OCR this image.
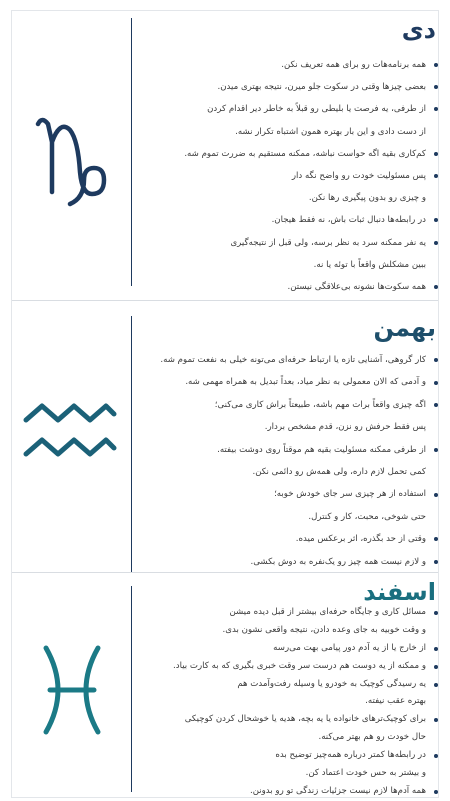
دی
همه برنامه‌هات رو برای همه تعریف نکن.
بعضی چیزها وقتی در سکوت جلو میرن، نتیجه بهتری میدن.
از طرفی، یه فرصت یا بلیطی رو قبلاً به خاطر دیر اقدام کردن
از دست دادی و این بار بهتره همون اشتباه تکرار نشه.
کم‌کاری بقیه اگه حواست نباشه، ممکنه مستقیم به ضررت تموم شه.
پس مسئولیت خودت رو واضح نگه دار
و چیزی رو بدون پیگیری رها نکن.
در رابطه‌ها دنبال ثبات باش، نه فقط هیجان.
یه نفر ممکنه سرد به نظر برسه، ولی قبل از نتیجه‌گیری
ببین مشکلش واقعاً با توئه یا نه.
همه سکوت‌ها نشونه بی‌علاقگی نیستن.
بهمن
کار گروهی، آشنایی تازه یا ارتباط حرفه‌ای می‌تونه خیلی به نفعت تموم شه.
و آدمی که الان معمولی به نظر میاد، بعداً تبدیل به همراه مهمی شه.
اگه چیزی واقعاً برات مهم باشه، طبیعتاً براش کاری می‌کنی؛
پس فقط حرفش رو نزن، قدم مشخص بردار.
از طرفی ممکنه مسئولیت بقیه هم موقتاً روی دوشت بیفته.
کمی تحمل لازم داره، ولی همه‌ش رو دائمی نکن.
استفاده از هر چیزی سر جای خودش خوبه؛
حتی شوخی، محبت، کار و کنترل.
وقتی از حد بگذره، اثر برعکس میده.
و لازم نیست همه چیز رو یک‌نفره به دوش بکشی.
اسفند
مسائل کاری و جایگاه حرفه‌ای بیشتر از قبل دیده میشن
و وقت خوبیه به جای وعده دادن، نتیجه واقعی نشون بدی.
از خارج یا از یه آدم دور پیامی بهت می‌رسه
و ممکنه از یه دوست هم درست سر وقت خبری بگیری که به کارت بیاد.
یه رسیدگی کوچیک به خودرو یا وسیله رفت‌وآمدت هم
بهتره عقب نیفته.
برای کوچیک‌ترهای خانواده یا یه بچه، هدیه یا خوشحال کردن کوچیکی
حال خودت رو هم بهتر می‌کنه.
در رابطه‌ها کمتر درباره همه‌چیز توضیح بده
و بیشتر به حس خودت اعتماد کن.
همه آدم‌ها لازم نیست جزئیات زندگی تو رو بدونن.
